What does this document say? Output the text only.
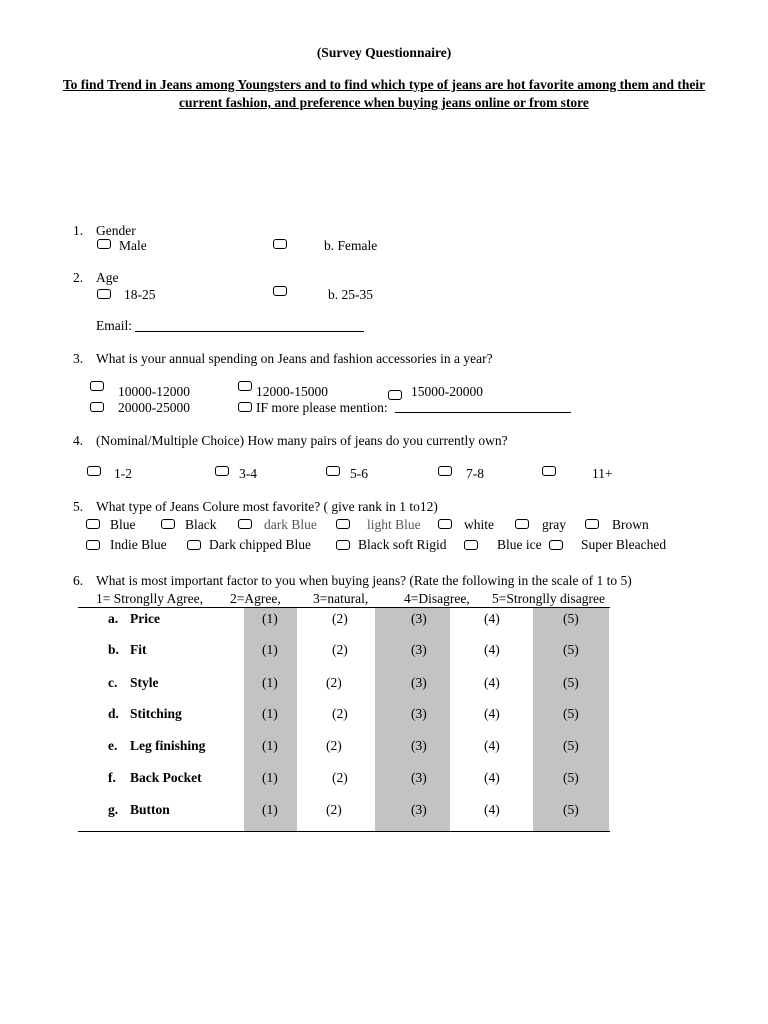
(Survey Questionnaire)
To find Trend in Jeans among Youngsters and to find which type of jeans are hot favorite among them and their
current fashion, and preference when buying jeans online or from store
1. Gender
Male	b. Female
2. Age
18-25	b. 25-35
Email:
3. What is your annual spending on Jeans and fashion accessories in a year?
10000-12000	12000-15000	15000-20000
20000-25000	IF more please mention:
4. (Nominal/Multiple Choice) How many pairs of jeans do you currently own?
1-2	3-4	5-6	7-8	11+
5. What type of Jeans Colure most favorite? ( give rank in 1 to12)
Blue	Black	dark Blue	light Blue	white	gray	Brown
Indie Blue	Dark chipped Blue	Black soft Rigid	Blue ice	Super Bleached
6. What is most important factor to you when buying jeans? (Rate the following in the scale of 1 to 5)
1= Stronglly Agree, 2=Agree, 3=natural,	4=Disagree, 5=Stronglly disagree
a. Price	(1)	(2)	(3)	(4)	(5)
b. Fit	(1)	(2)	(3)	(4)	(5)
c. Style	(1)	(2)	(3)	(4)	(5)
d. Stitching	(1)	(2)	(3)	(4)	(5)
e. Leg finishing	(1)	(2)	(3)	(4)	(5)
f. Back Pocket	(1)	(2)	(3)	(4)	(5)
g. Button	(1)	(2)	(3)	(4)	(5)
